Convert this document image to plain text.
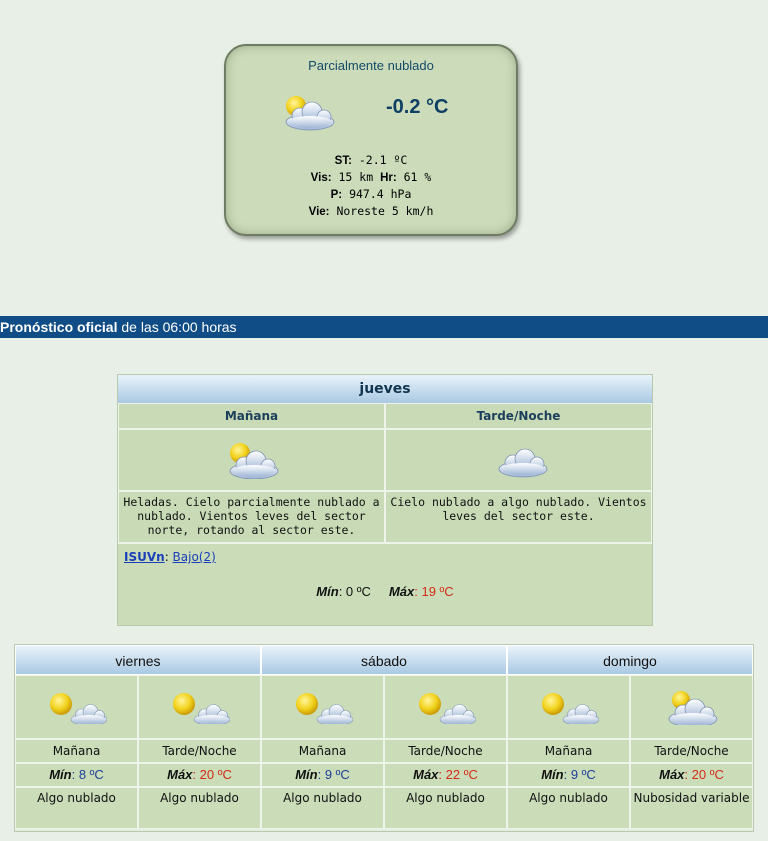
Parcialmente nublado
-0.2 °C
ST: -2.1 ºC
Vis: 15 km Hr: 61 %
P: 947.4 hPa
Vie: Noreste 5 km/h
Pronóstico oficial de las 06:00 horas
jueves
Mañana	Tarde/Noche
Heladas. Cielo parcialmente nublado a nublado. Vientos leves del sector norte, rotando al sector este.
Cielo nublado a algo nublado. Vientos leves del sector este.
ISUVn: Bajo(2)
Mín: 0 ºC Máx: 19 ºC
viernes	sábado	domingo
Mañana	Tarde/Noche	Mañana	Tarde/Noche	Mañana	Tarde/Noche
Mín: 8 ºC	Máx: 20 ºC	Mín: 9 ºC	Máx: 22 ºC	Mín: 9 ºC	Máx: 20 ºC
Algo nublado	Algo nublado	Algo nublado	Algo nublado	Algo nublado	Nubosidad variable
